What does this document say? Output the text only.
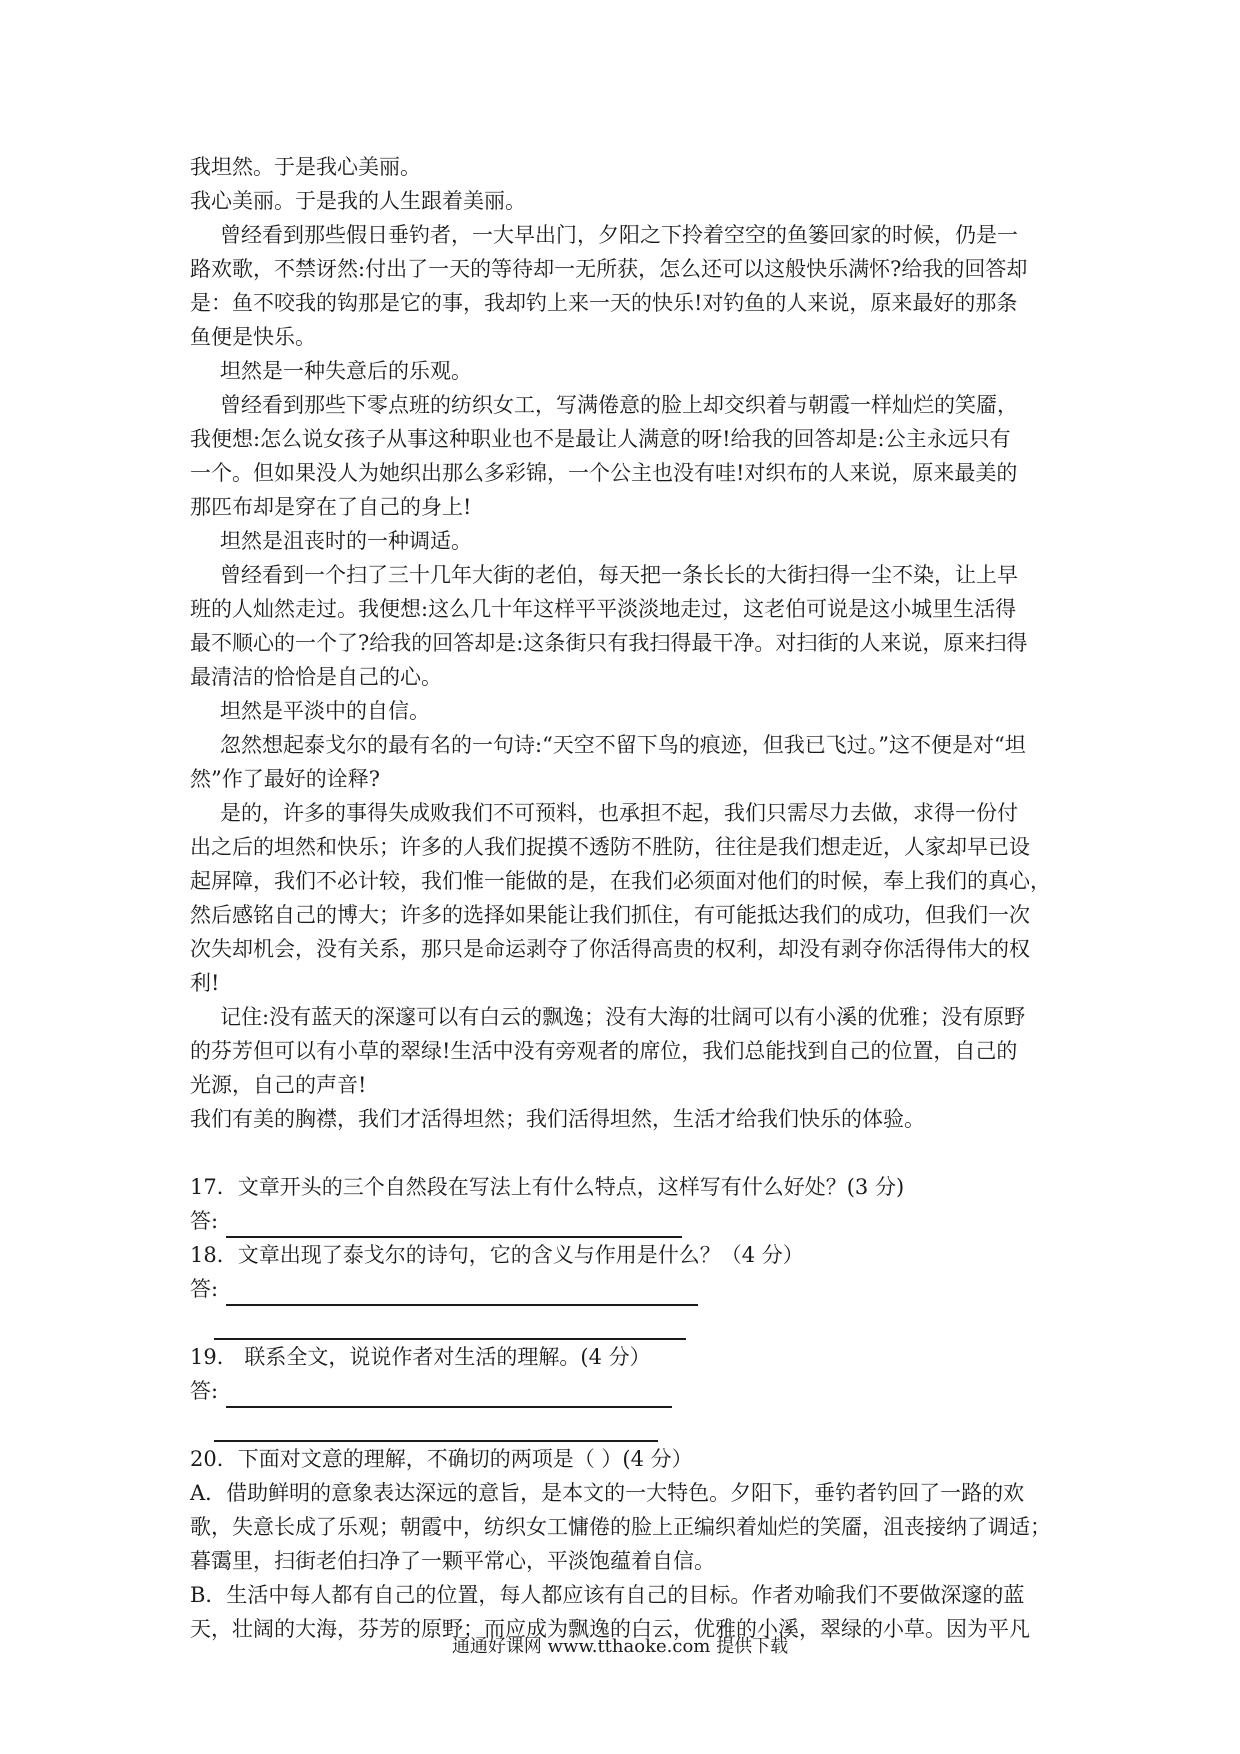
我坦然。于是我心美丽。
我心美丽。于是我的人生跟着美丽。
曾经看到那些假日垂钓者，一大早出门，夕阳之下拎着空空的鱼篓回家的时候，仍是一
路欢歌，不禁讶然:付出了一天的等待却一无所获，怎么还可以这般快乐满怀?给我的回答却
是：鱼不咬我的钩那是它的事，我却钓上来一天的快乐!对钓鱼的人来说，原来最好的那条
鱼便是快乐。
坦然是一种失意后的乐观。
曾经看到那些下零点班的纺织女工，写满倦意的脸上却交织着与朝霞一样灿烂的笑靥，
我便想:怎么说女孩子从事这种职业也不是最让人满意的呀!给我的回答却是:公主永远只有
一个。但如果没人为她织出那么多彩锦，一个公主也没有哇!对织布的人来说，原来最美的
那匹布却是穿在了自己的身上!
坦然是沮丧时的一种调适。
曾经看到一个扫了三十几年大街的老伯，每天把一条长长的大街扫得一尘不染，让上早
班的人灿然走过。我便想:这么几十年这样平平淡淡地走过，这老伯可说是这小城里生活得
最不顺心的一个了?给我的回答却是:这条街只有我扫得最干净。对扫街的人来说，原来扫得
最清洁的恰恰是自己的心。
坦然是平淡中的自信。
忽然想起泰戈尔的最有名的一句诗:“天空不留下鸟的痕迹，但我已飞过。”这不便是对“坦
然”作了最好的诠释?
是的，许多的事得失成败我们不可预料，也承担不起，我们只需尽力去做，求得一份付
出之后的坦然和快乐；许多的人我们捉摸不透防不胜防，往往是我们想走近，人家却早已设
起屏障，我们不必计较，我们惟一能做的是，在我们必须面对他们的时候，奉上我们的真心，
然后感铭自己的博大；许多的选择如果能让我们抓住，有可能抵达我们的成功，但我们一次
次失却机会，没有关系，那只是命运剥夺了你活得高贵的权利，却没有剥夺你活得伟大的权
利!
记住:没有蓝天的深邃可以有白云的飘逸；没有大海的壮阔可以有小溪的优雅；没有原野
的芬芳但可以有小草的翠绿!生活中没有旁观者的席位，我们总能找到自己的位置，自己的
光源，自己的声音!
我们有美的胸襟，我们才活得坦然；我们活得坦然，生活才给我们快乐的体验。
17．文章开头的三个自然段在写法上有什么特点，这样写有什么好处？(3 分)
答:
18．文章出现了泰戈尔的诗句，它的含义与作用是什么？（4 分）
答:
19． 联系全文，说说作者对生活的理解。(4 分）
答:
20．下面对文意的理解，不确切的两项是（ ）(4 分）
A．借助鲜明的意象表达深远的意旨，是本文的一大特色。夕阳下，垂钓者钓回了一路的欢
歌，失意长成了乐观；朝霞中，纺织女工慵倦的脸上正编织着灿烂的笑靥，沮丧接纳了调适；
暮霭里，扫街老伯扫净了一颗平常心，平淡饱蕴着自信。
B．生活中每人都有自己的位置，每人都应该有自己的目标。作者劝喻我们不要做深邃的蓝
天，壮阔的大海，芬芳的原野；而应成为飘逸的白云，优雅的小溪，翠绿的小草。因为平凡
通通好课网 www.tthaoke.com 提供下载
